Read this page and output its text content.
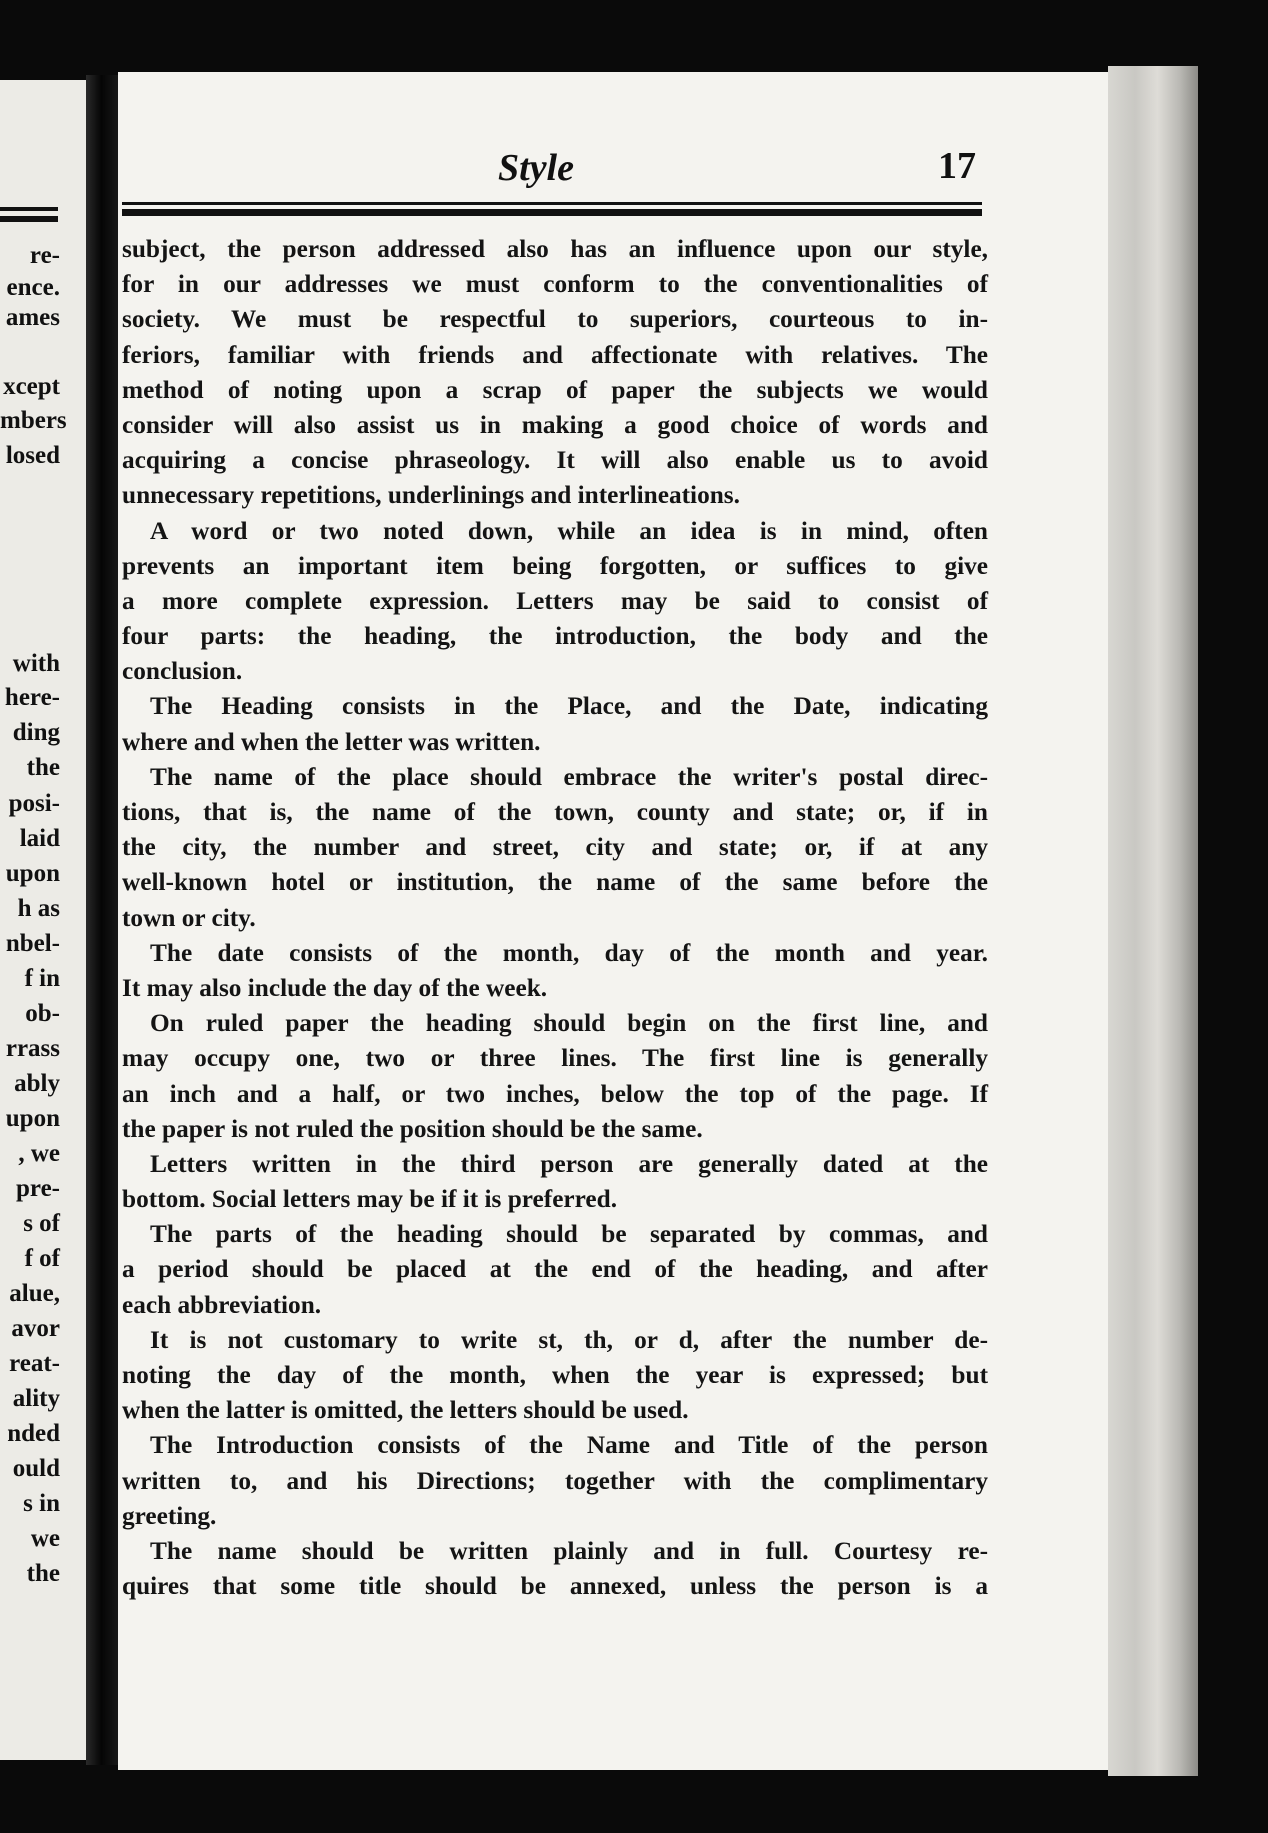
re-
ence.
ames
xcept
mbers
losed
with
here-
ding
the
posi-
laid
upon
h as
nbel-
f in
ob-
rrass
ably
upon
, we
pre-
s of
f of
alue,
avor
reat-
ality
nded
ould
s in
we
the
Style	17
subject, the person addressed also has an influence upon our style,
for in our addresses we must conform to the conventionalities of
society. We must be respectful to superiors, courteous to in-
feriors, familiar with friends and affectionate with relatives. The
method of noting upon a scrap of paper the subjects we would
consider will also assist us in making a good choice of words and
acquiring a concise phraseology. It will also enable us to avoid
unnecessary repetitions, underlinings and interlineations.
A word or two noted down, while an idea is in mind, often
prevents an important item being forgotten, or suffices to give
a more complete expression. Letters may be said to consist of
four parts: the heading, the introduction, the body and the
conclusion.
The Heading consists in the Place, and the Date, indicating
where and when the letter was written.
The name of the place should embrace the writer's postal direc-
tions, that is, the name of the town, county and state; or, if in
the city, the number and street, city and state; or, if at any
well-known hotel or institution, the name of the same before the
town or city.
The date consists of the month, day of the month and year.
It may also include the day of the week.
On ruled paper the heading should begin on the first line, and
may occupy one, two or three lines. The first line is generally
an inch and a half, or two inches, below the top of the page. If
the paper is not ruled the position should be the same.
Letters written in the third person are generally dated at the
bottom. Social letters may be if it is preferred.
The parts of the heading should be separated by commas, and
a period should be placed at the end of the heading, and after
each abbreviation.
It is not customary to write st, th, or d, after the number de-
noting the day of the month, when the year is expressed; but
when the latter is omitted, the letters should be used.
The Introduction consists of the Name and Title of the person
written to, and his Directions; together with the complimentary
greeting.
The name should be written plainly and in full. Courtesy re-
quires that some title should be annexed, unless the person is a
